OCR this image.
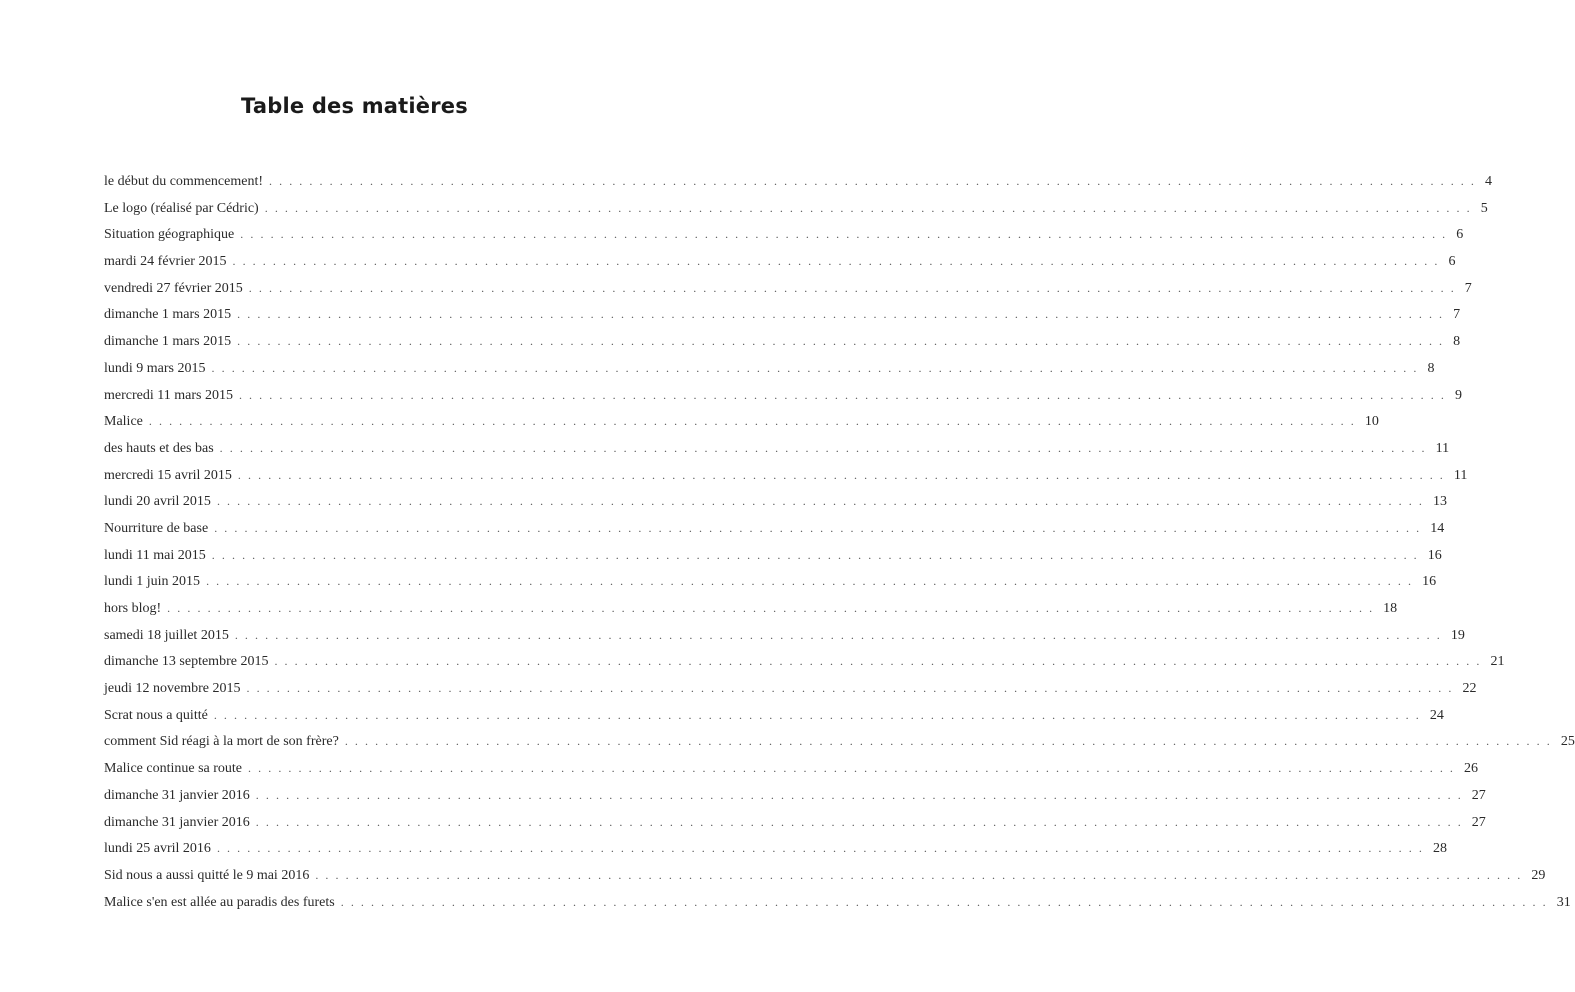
Table des matières
le début du commencement! ........................................................................................................................ 4
Le logo (réalisé par Cédric) ........................................................................................................................ 5
Situation géographique ........................................................................................................................ 6
mardi 24 février 2015 ........................................................................................................................ 6
vendredi 27 février 2015 ........................................................................................................................ 7
dimanche 1 mars 2015 ........................................................................................................................ 7
dimanche 1 mars 2015 ........................................................................................................................ 8
lundi 9 mars 2015 ........................................................................................................................ 8
mercredi 11 mars 2015 ........................................................................................................................ 9
Malice ........................................................................................................................ 10
des hauts et des bas ........................................................................................................................ 11
mercredi 15 avril 2015 ........................................................................................................................ 11
lundi 20 avril 2015 ........................................................................................................................ 13
Nourriture de base ........................................................................................................................ 14
lundi 11 mai 2015 ........................................................................................................................ 16
lundi 1 juin 2015 ........................................................................................................................ 16
hors blog! ........................................................................................................................ 18
samedi 18 juillet 2015 ........................................................................................................................ 19
dimanche 13 septembre 2015 ........................................................................................................................ 21
jeudi 12 novembre 2015 ........................................................................................................................ 22
Scrat nous a quitté ........................................................................................................................ 24
comment Sid réagi à la mort de son frère? ........................................................................................................................ 25
Malice continue sa route ........................................................................................................................ 26
dimanche 31 janvier 2016 ........................................................................................................................ 27
dimanche 31 janvier 2016 ........................................................................................................................ 27
lundi 25 avril 2016 ........................................................................................................................ 28
Sid nous a aussi quitté le 9 mai 2016 ........................................................................................................................ 29
Malice s'en est allée au paradis des furets ........................................................................................................................ 31
